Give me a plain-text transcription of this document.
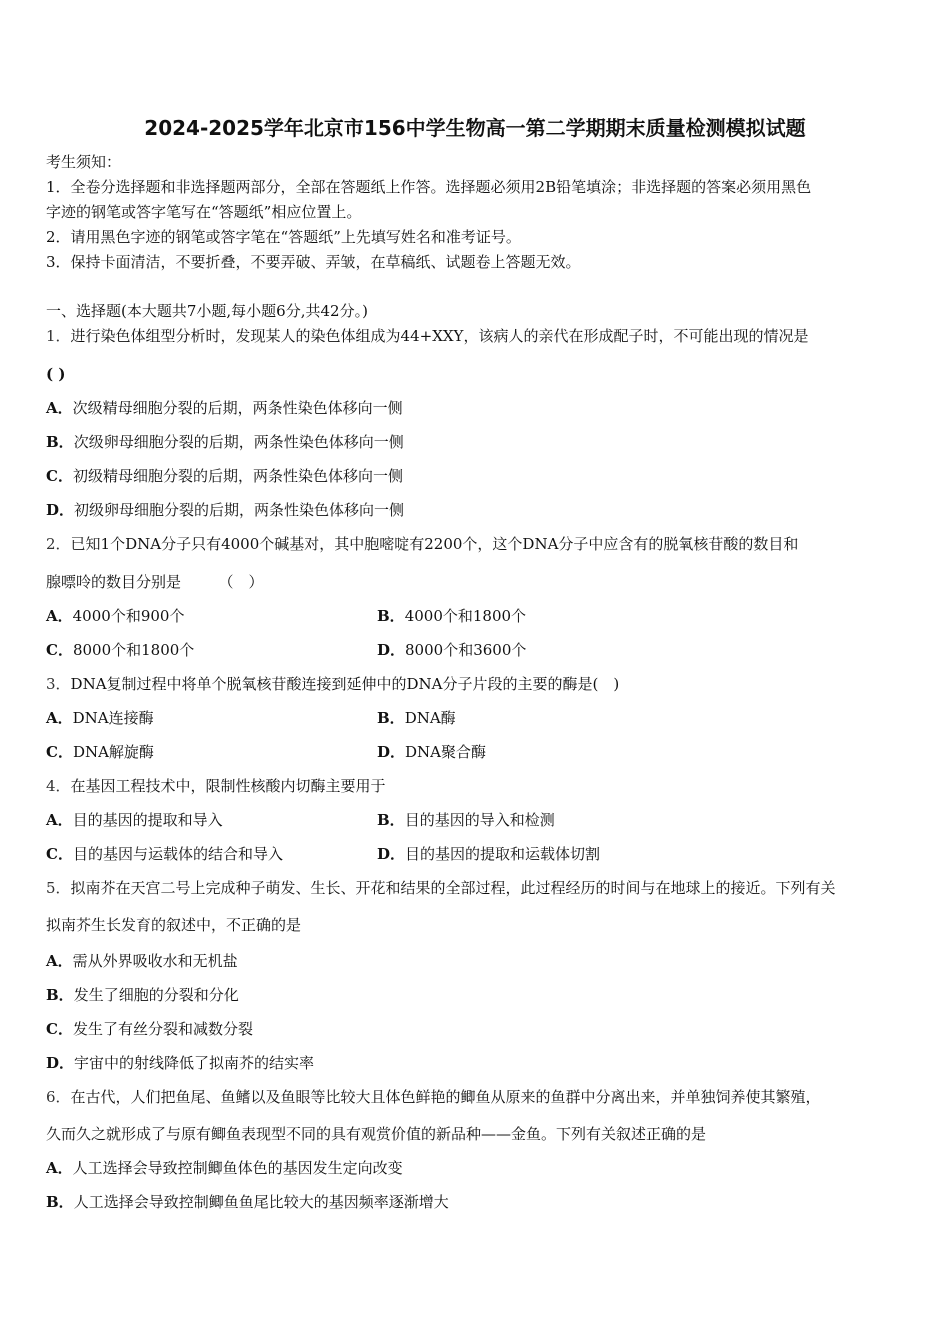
2024-2025学年北京市156中学生物高一第二学期期末质量检测模拟试题
考生须知：
1．全卷分选择题和非选择题两部分，全部在答题纸上作答。选择题必须用2B铅笔填涂；非选择题的答案必须用黑色
字迹的钢笔或答字笔写在“答题纸”相应位置上。
2．请用黑色字迹的钢笔或答字笔在“答题纸”上先填写姓名和准考证号。
3．保持卡面清洁，不要折叠，不要弄破、弄皱，在草稿纸、试题卷上答题无效。
一、选择题(本大题共7小题,每小题6分,共42分。)
1．进行染色体组型分析时，发现某人的染色体组成为44+XXY，该病人的亲代在形成配子时，不可能出现的情况是
( )
A．次级精母细胞分裂的后期，两条性染色体移向一侧
B．次级卵母细胞分裂的后期，两条性染色体移向一侧
C．初级精母细胞分裂的后期，两条性染色体移向一侧
D．初级卵母细胞分裂的后期，两条性染色体移向一侧
2．已知1个DNA分子只有4000个碱基对，其中胞嘧啶有2200个，这个DNA分子中应含有的脱氧核苷酸的数目和
腺嘌呤的数目分别是　　　（　）
A．4000个和900个	B．4000个和1800个
C．8000个和1800个	D．8000个和3600个
3．DNA复制过程中将单个脱氧核苷酸连接到延伸中的DNA分子片段的主要的酶是(　)
A．DNA连接酶	B．DNA酶
C．DNA解旋酶	D．DNA聚合酶
4．在基因工程技术中，限制性核酸内切酶主要用于
A．目的基因的提取和导入	B．目的基因的导入和检测
C．目的基因与运载体的结合和导入	D．目的基因的提取和运载体切割
5．拟南芥在天宫二号上完成种子萌发、生长、开花和结果的全部过程，此过程经历的时间与在地球上的接近。下列有关
拟南芥生长发育的叙述中，不正确的是
A．需从外界吸收水和无机盐
B．发生了细胞的分裂和分化
C．发生了有丝分裂和减数分裂
D．宇宙中的射线降低了拟南芥的结实率
6．在古代，人们把鱼尾、鱼鳍以及鱼眼等比较大且体色鲜艳的鲫鱼从原来的鱼群中分离出来，并单独饲养使其繁殖，
久而久之就形成了与原有鲫鱼表现型不同的具有观赏价值的新品种——金鱼。下列有关叙述正确的是
A．人工选择会导致控制鲫鱼体色的基因发生定向改变
B．人工选择会导致控制鲫鱼鱼尾比较大的基因频率逐渐增大
